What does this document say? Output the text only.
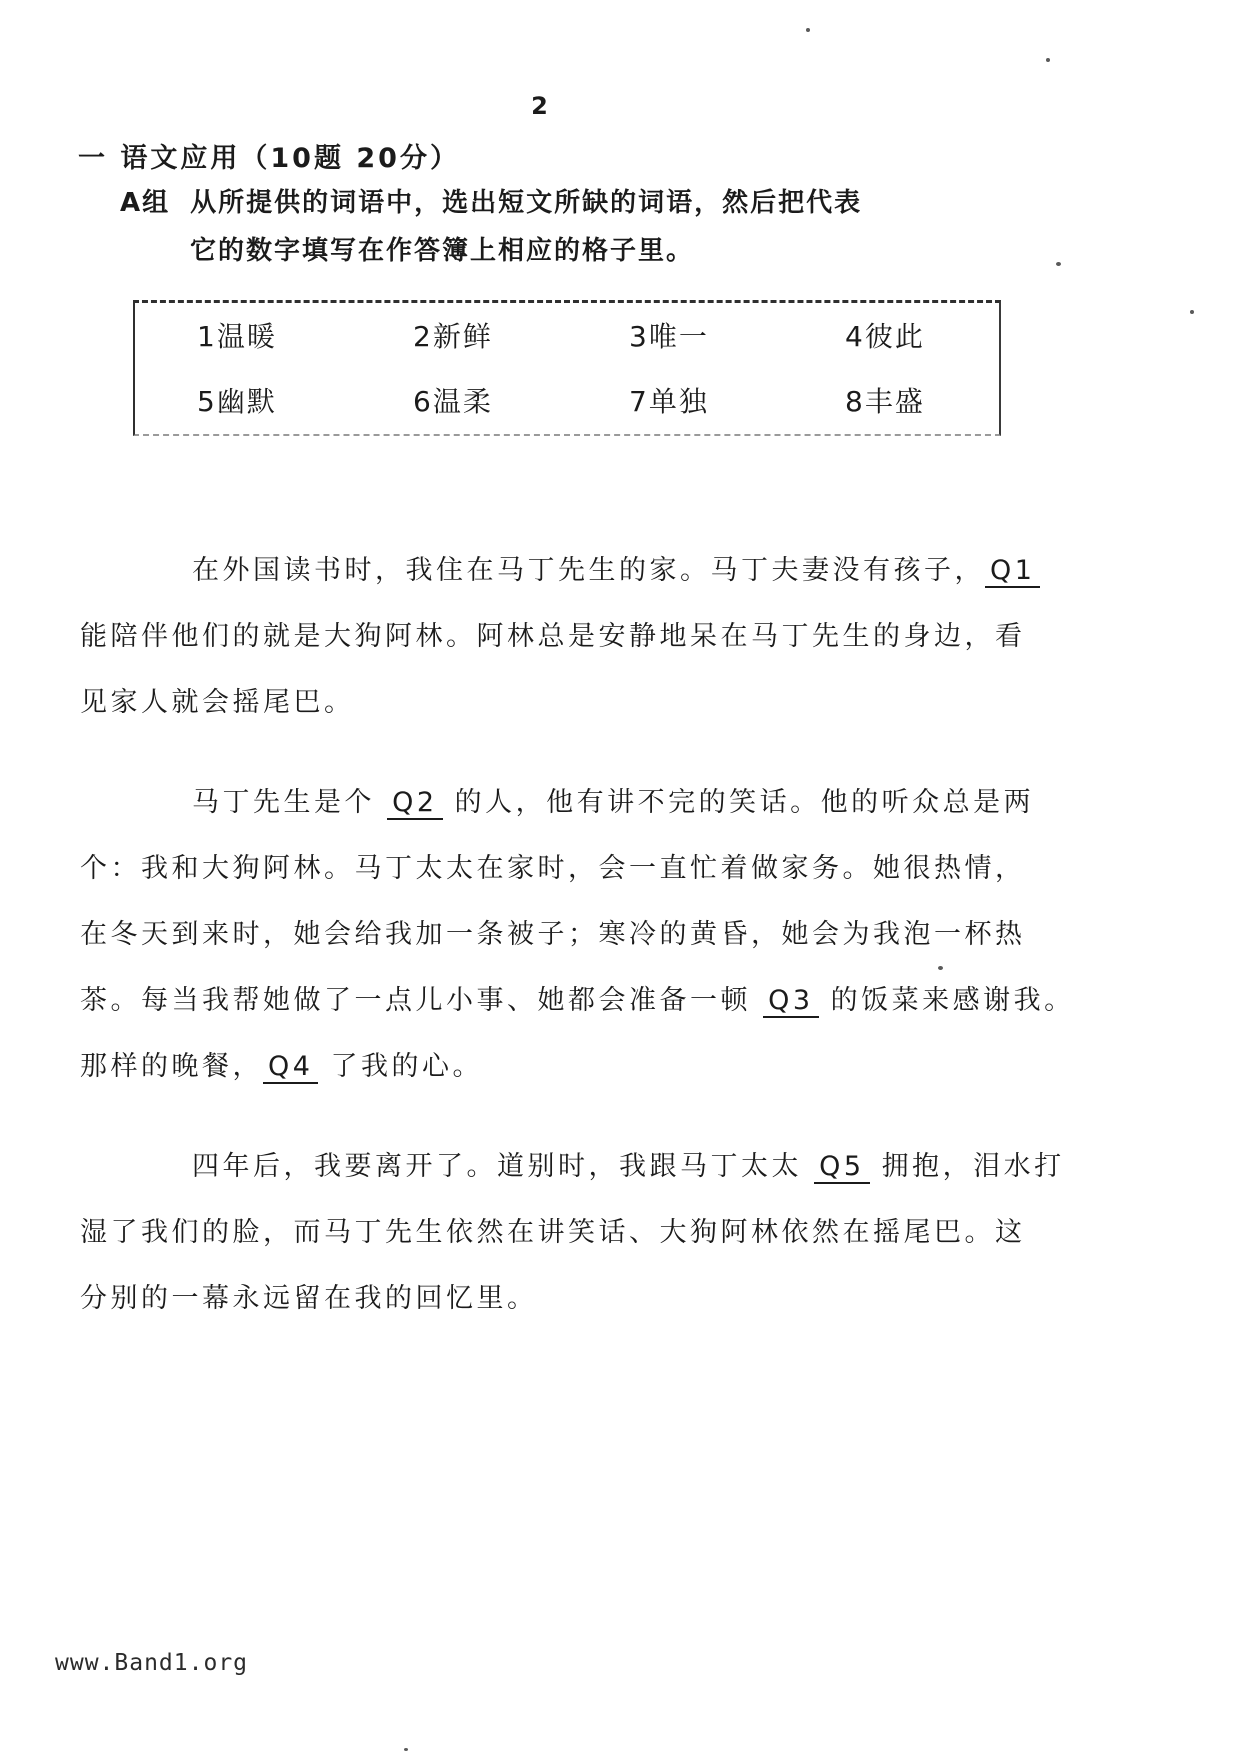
2
一 语文应用（10题 20分）
A组 从所提供的词语中，选出短文所缺的词语，然后把代表
它的数字填写在作答簿上相应的格子里。
1温暖	2新鲜	3唯一	4彼此
5幽默	6温柔	7单独	8丰盛
在外国读书时，我住在马丁先生的家。马丁夫妻没有孩子， Q1
能陪伴他们的就是大狗阿林。阿林总是安静地呆在马丁先生的身边，看
见家人就会摇尾巴。
马丁先生是个 Q2 的人，他有讲不完的笑话。他的听众总是两
个：我和大狗阿林。马丁太太在家时，会一直忙着做家务。她很热情，
在冬天到来时，她会给我加一条被子；寒冷的黄昏，她会为我泡一杯热
茶。每当我帮她做了一点儿小事、她都会准备一顿 Q3 的饭菜来感谢我。
那样的晚餐， Q4 了我的心。
四年后，我要离开了。道别时，我跟马丁太太 Q5 拥抱，泪水打
湿了我们的脸，而马丁先生依然在讲笑话、大狗阿林依然在摇尾巴。这
分别的一幕永远留在我的回忆里。
www.Band1.org
